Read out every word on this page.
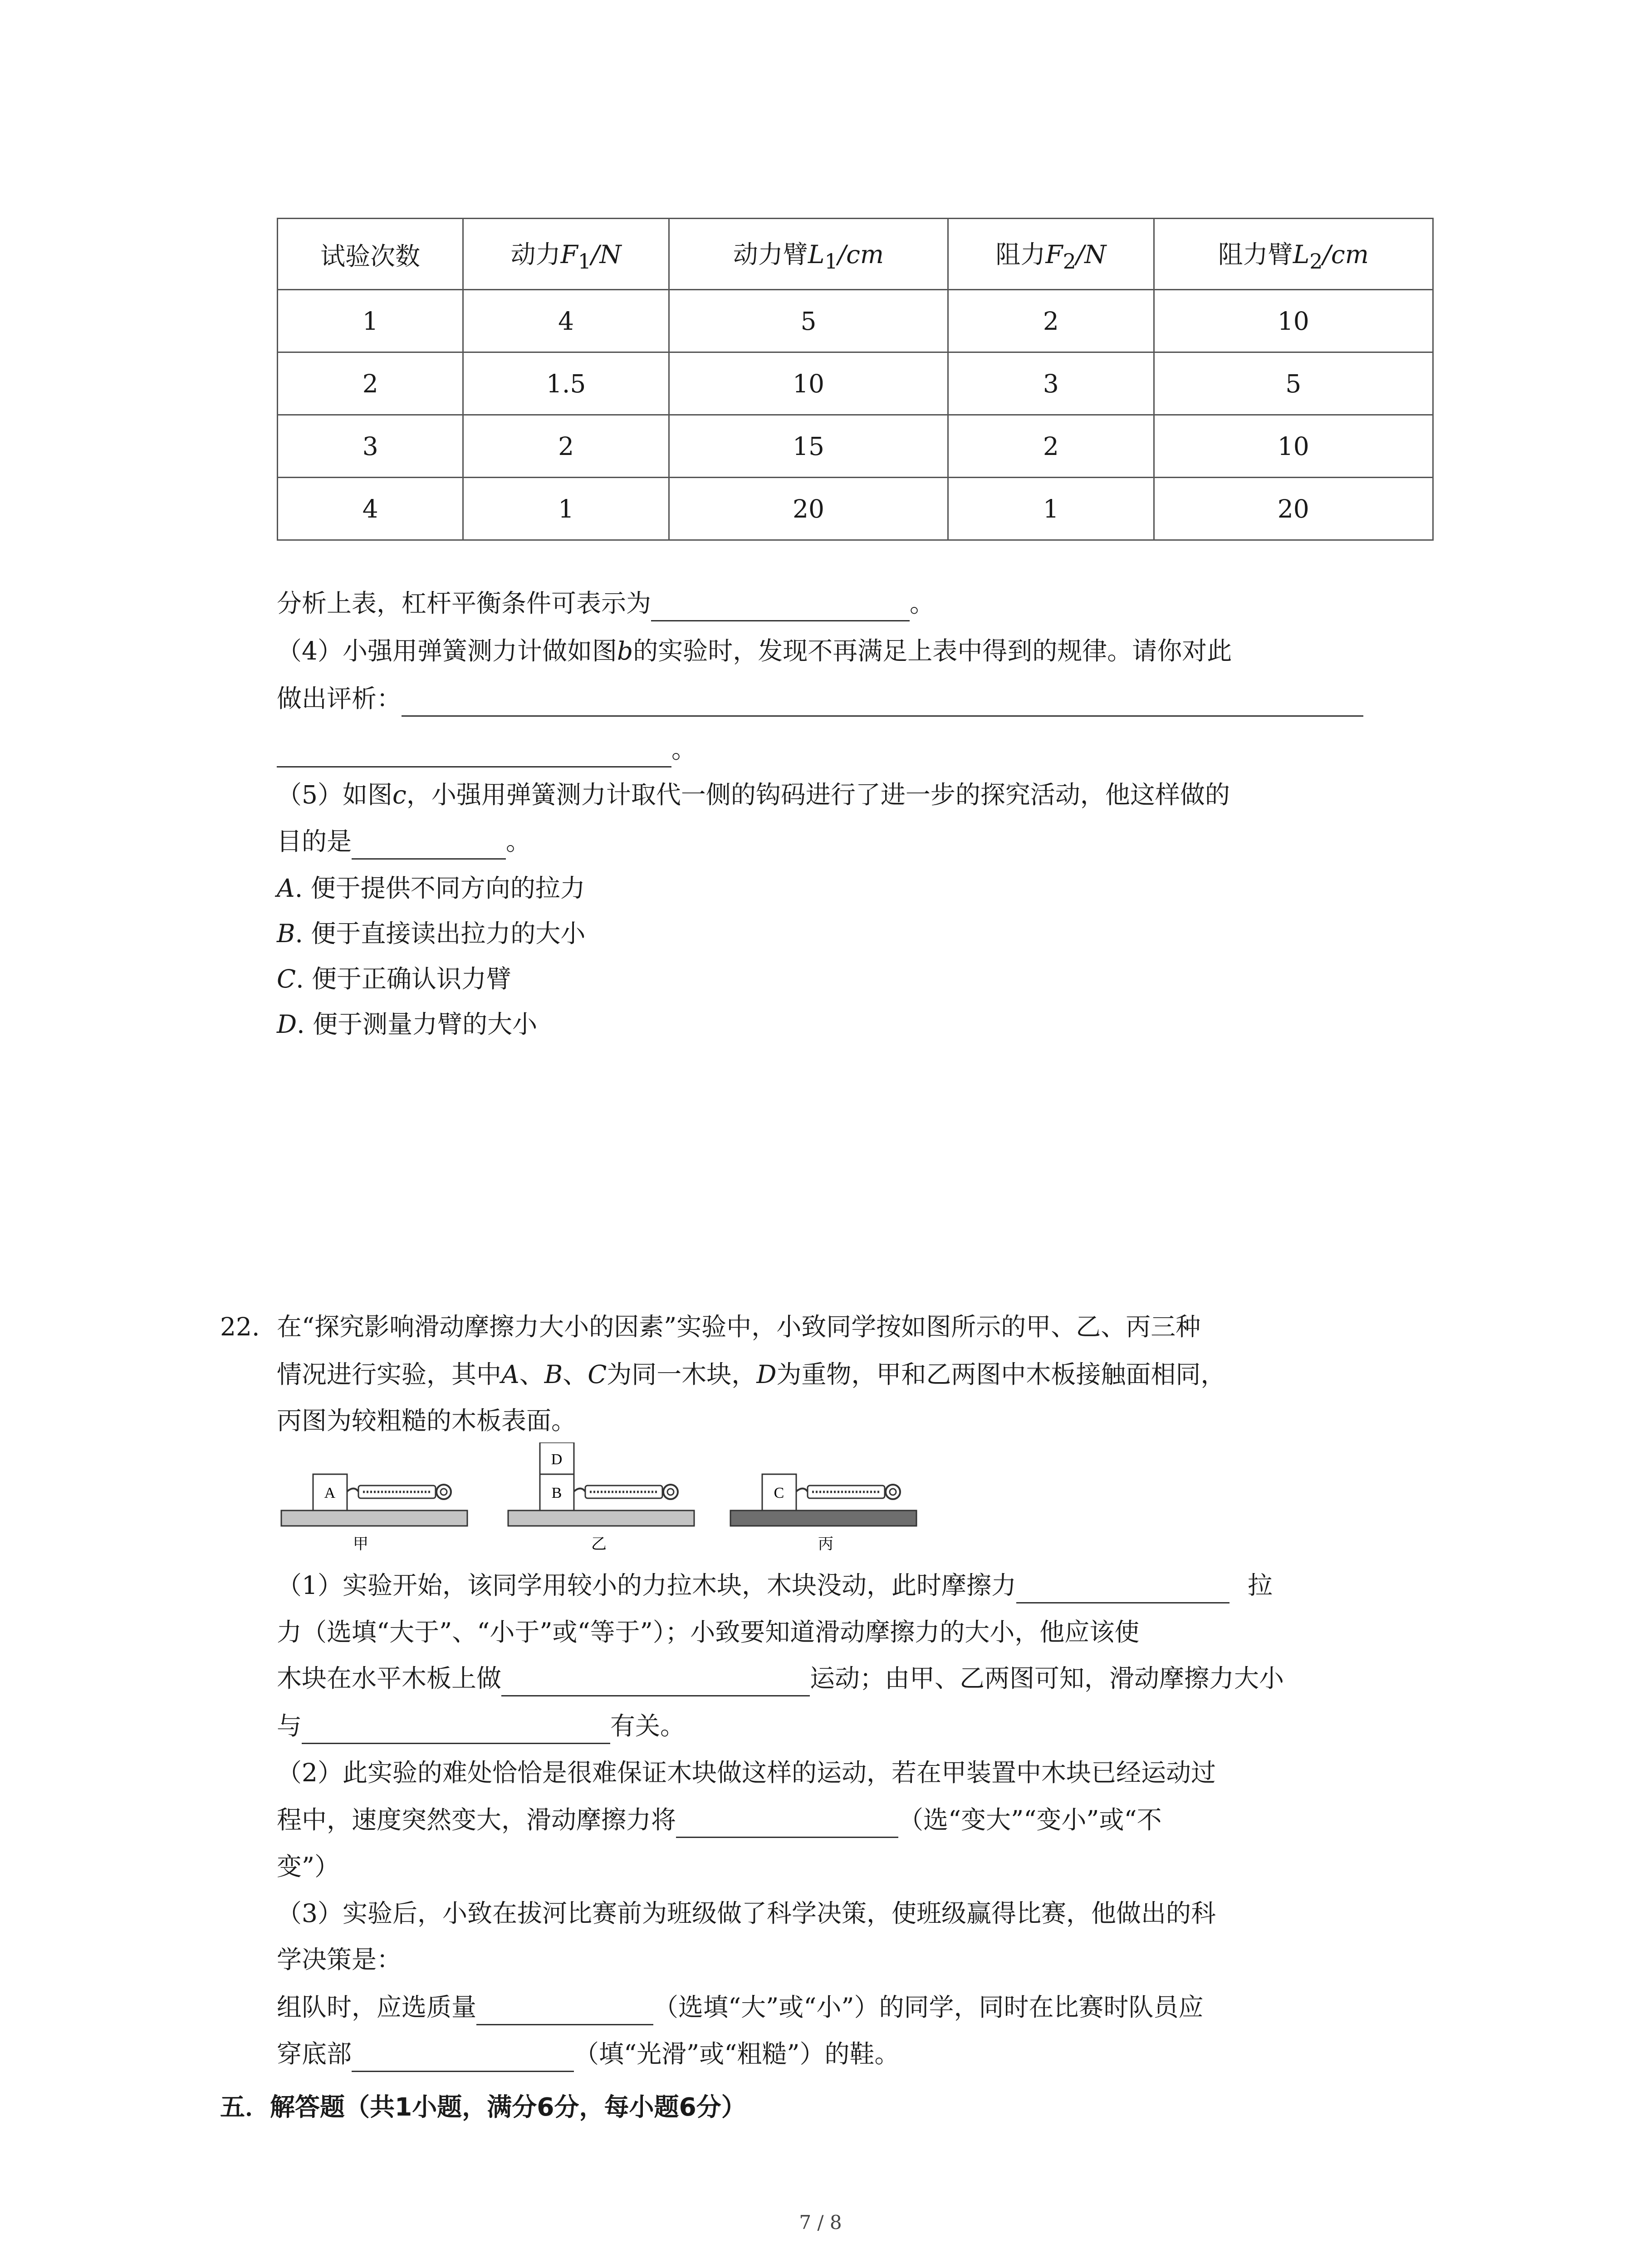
试验次数	动力$F_1/N$	动力臂$L_1/cm$	阻力$F_2/N$	阻力臂$L_2/cm$
1	4	5	2	10
2	1.5	10	3	5
3	2	15	2	10
4	1	20	1	20
分析上表，杠杆平衡条件可表示为	。
（4）小强用弹簧测力计做如图b的实验时，发现不再满足上表中得到的规律。请你对此
做出评析：
。
（5）如图c，小强用弹簧测力计取代一侧的钩码进行了进一步的探究活动，他这样做的
目的是	。
A. 便于提供不同方向的拉力
B. 便于直接读出拉力的大小
C. 便于正确认识力臂
D. 便于测量力臂的大小
22. 在“探究影响滑动摩擦力大小的因素”实验中，小致同学按如图所示的甲、乙、丙三种
情况进行实验，其中A、B、C为同一木块，D为重物，甲和乙两图中木板接触面相同，
丙图为较粗糙的木板表面。
A	B
D
C
甲	乙	丙
（1）实验开始，该同学用较小的力拉木块，木块没动，此时摩擦力	拉
力（选填“大于”、“小于”或“等于”）；小致要知道滑动摩擦力的大小，他应该使
木块在水平木板上做	运动；由甲、乙两图可知，滑动摩擦力大小
与	有关。
（2）此实验的难处恰恰是很难保证木块做这样的运动，若在甲装置中木块已经运动过
程中，速度突然变大，滑动摩擦力将	（选“变大”“变小”或“不
变”）
（3）实验后，小致在拔河比赛前为班级做了科学决策，使班级赢得比赛，他做出的科
学决策是：
组队时，应选质量	（选填“大”或“小”）的同学，同时在比赛时队员应
穿底部	（填“光滑”或“粗糙”）的鞋。
五．解答题（共1小题，满分6分，每小题6分）
7 / 8
